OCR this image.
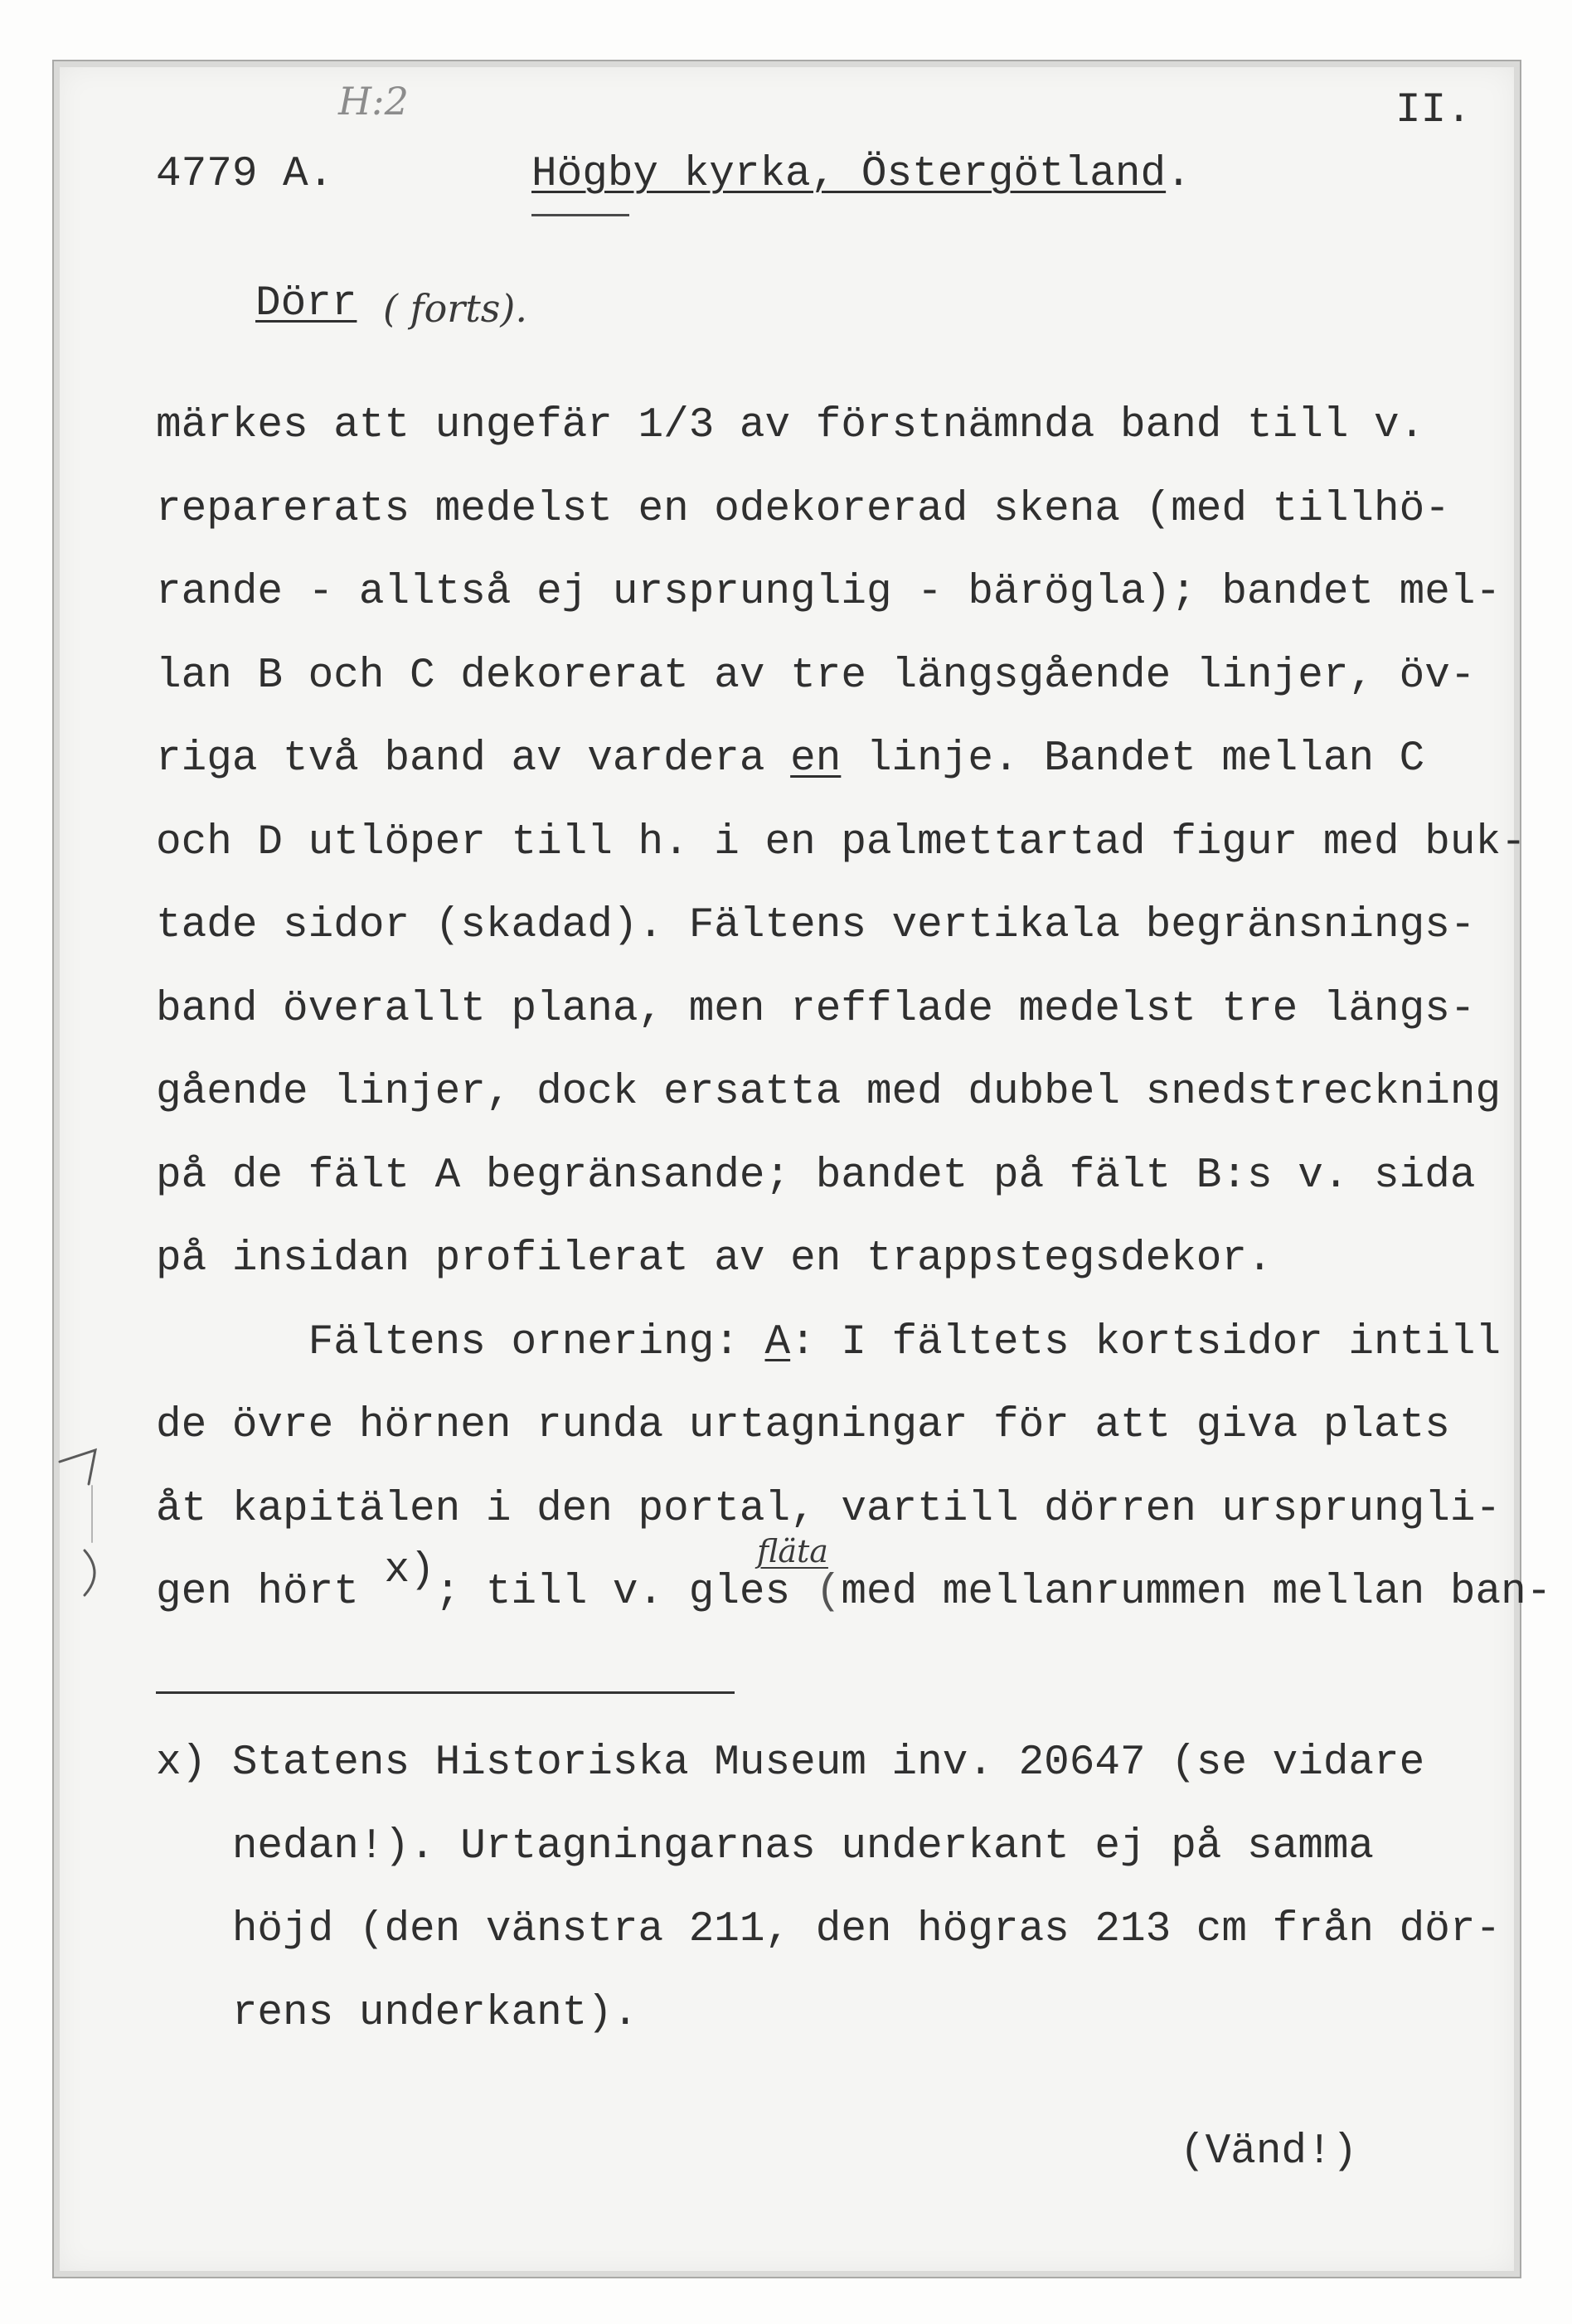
H:2	II.
4779 A.	Högby kyrka, Östergötland.
Dörr ( forts).
märkes att ungefär 1/3 av förstnämnda band till v.
reparerats medelst en odekorerad skena (med tillhö-
rande - alltså ej ursprunglig - bärögla); bandet mel-
lan B och C dekorerat av tre längsgående linjer, öv-
riga två band av vardera en linje. Bandet mellan C
och D utlöper till h. i en palmettartad figur med buk-
tade sidor (skadad). Fältens vertikala begränsnings-
band överallt plana, men refflade medelst tre längs-
gående linjer, dock ersatta med dubbel snedstreckning
på de fält A begränsande; bandet på fält B:s v. sida
på insidan profilerat av en trappstegsdekor.
Fältens ornering: A: I fältets kortsidor intill
de övre hörnen runda urtagningar för att giva plats
åt kapitälen i den portal, vartill dörren ursprungli-
gen hört x); till v. gles (med mellanrummen mellan ban-
fläta
x) Statens Historiska Museum inv. 20647 (se vidare
nedan!). Urtagningarnas underkant ej på samma
höjd (den vänstra 211, den högras 213 cm från dör-
rens underkant).
(Vänd!)
